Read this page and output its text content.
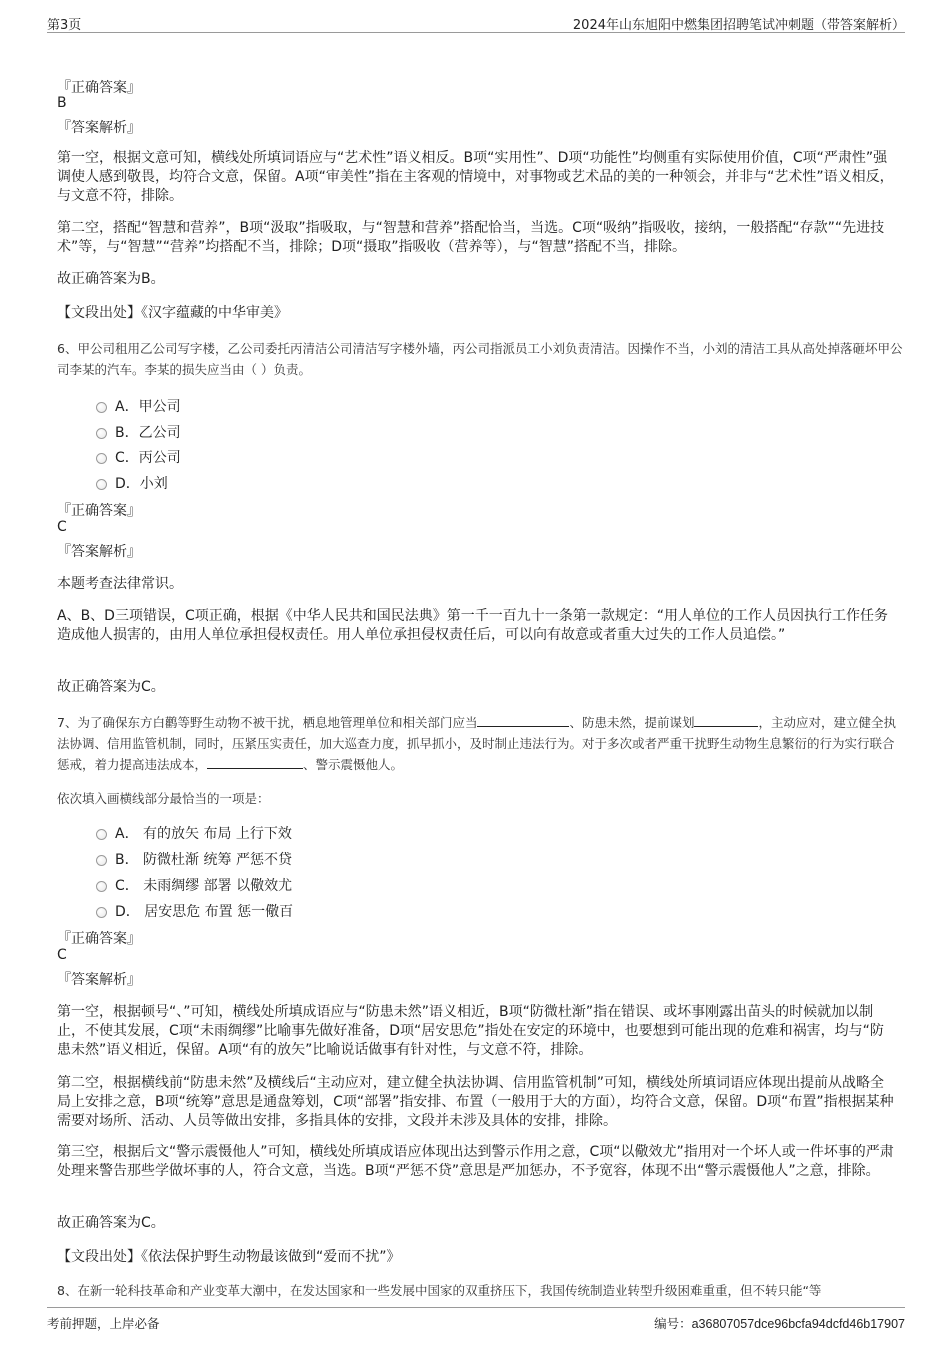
第3页	2024年山东旭阳中燃集团招聘笔试冲刺题（带答案解析）
『正确答案』
B
『答案解析』
第一空，根据文意可知，横线处所填词语应与“艺术性”语义相反。B项“实用性”、D项“功能性”均侧重有实际使用价值，C项“严肃性”强调使人感到敬畏，均符合文意，保留。A项“审美性”指在主客观的情境中，对事物或艺术品的美的一种领会，并非与“艺术性”语义相反，与文意不符，排除。
第二空，搭配“智慧和营养”，B项“汲取”指吸取，与“智慧和营养”搭配恰当，当选。C项“吸纳”指吸收，接纳，一般搭配“存款”“先进技术”等，与“智慧”“营养”均搭配不当，排除；D项“摄取”指吸收（营养等），与“智慧”搭配不当，排除。
故正确答案为B。
【文段出处】《汉字蕴藏的中华审美》
6、甲公司租用乙公司写字楼，乙公司委托丙清洁公司清洁写字楼外墙，丙公司指派员工小刘负责清洁。因操作不当，小刘的清洁工具从高处掉落砸坏甲公司李某的汽车。李某的损失应当由（ ）负责。
A．甲公司
B．乙公司
C．丙公司
D．小刘
『正确答案』
C
『答案解析』
本题考查法律常识。
A、B、D三项错误，C项正确，根据《中华人民共和国民法典》第一千一百九十一条第一款规定：“用人单位的工作人员因执行工作任务造成他人损害的，由用人单位承担侵权责任。用人单位承担侵权责任后，可以向有故意或者重大过失的工作人员追偿。”
故正确答案为C。
7、为了确保东方白鹳等野生动物不被干扰，栖息地管理单位和相关部门应当	、防患未然，提前谋划	，主动应对，建立健全执法协调、信用监管机制，同时，压紧压实责任，加大巡查力度，抓早抓小，及时制止违法行为。对于多次或者严重干扰野生动物生息繁衍的行为实行联合惩戒，着力提高违法成本，	、警示震慑他人。
依次填入画横线部分最恰当的一项是：
A． 有的放矢 布局 上行下效
B． 防微杜渐 统筹 严惩不贷
C． 未雨绸缪 部署 以儆效尤
D． 居安思危 布置 惩一儆百
『正确答案』
C
『答案解析』
第一空，根据顿号“、”可知，横线处所填成语应与“防患未然”语义相近，B项“防微杜渐”指在错误、或坏事刚露出苗头的时候就加以制止，不使其发展，C项“未雨绸缪”比喻事先做好准备，D项“居安思危”指处在安定的环境中，也要想到可能出现的危难和祸害，均与“防患未然”语义相近，保留。A项“有的放矢”比喻说话做事有针对性，与文意不符，排除。
第二空，根据横线前“防患未然”及横线后“主动应对，建立健全执法协调、信用监管机制”可知，横线处所填词语应体现出提前从战略全局上安排之意，B项“统筹”意思是通盘筹划，C项“部署”指安排、布置（一般用于大的方面），均符合文意，保留。D项“布置”指根据某种需要对场所、活动、人员等做出安排，多指具体的安排，文段并未涉及具体的安排，排除。
第三空，根据后文“警示震慑他人”可知，横线处所填成语应体现出达到警示作用之意，C项“以儆效尤”指用对一个坏人或一件坏事的严肃处理来警告那些学做坏事的人，符合文意，当选。B项“严惩不贷”意思是严加惩办，不予宽容，体现不出“警示震慑他人”之意，排除。
故正确答案为C。
【文段出处】《依法保护野生动物最该做到“爱而不扰”》
8、在新一轮科技革命和产业变革大潮中，在发达国家和一些发展中国家的双重挤压下，我国传统制造业转型升级困难重重，但不转只能“等
考前押题，上岸必备	编号：a36807057dce96bcfa94dcfd46b17907
